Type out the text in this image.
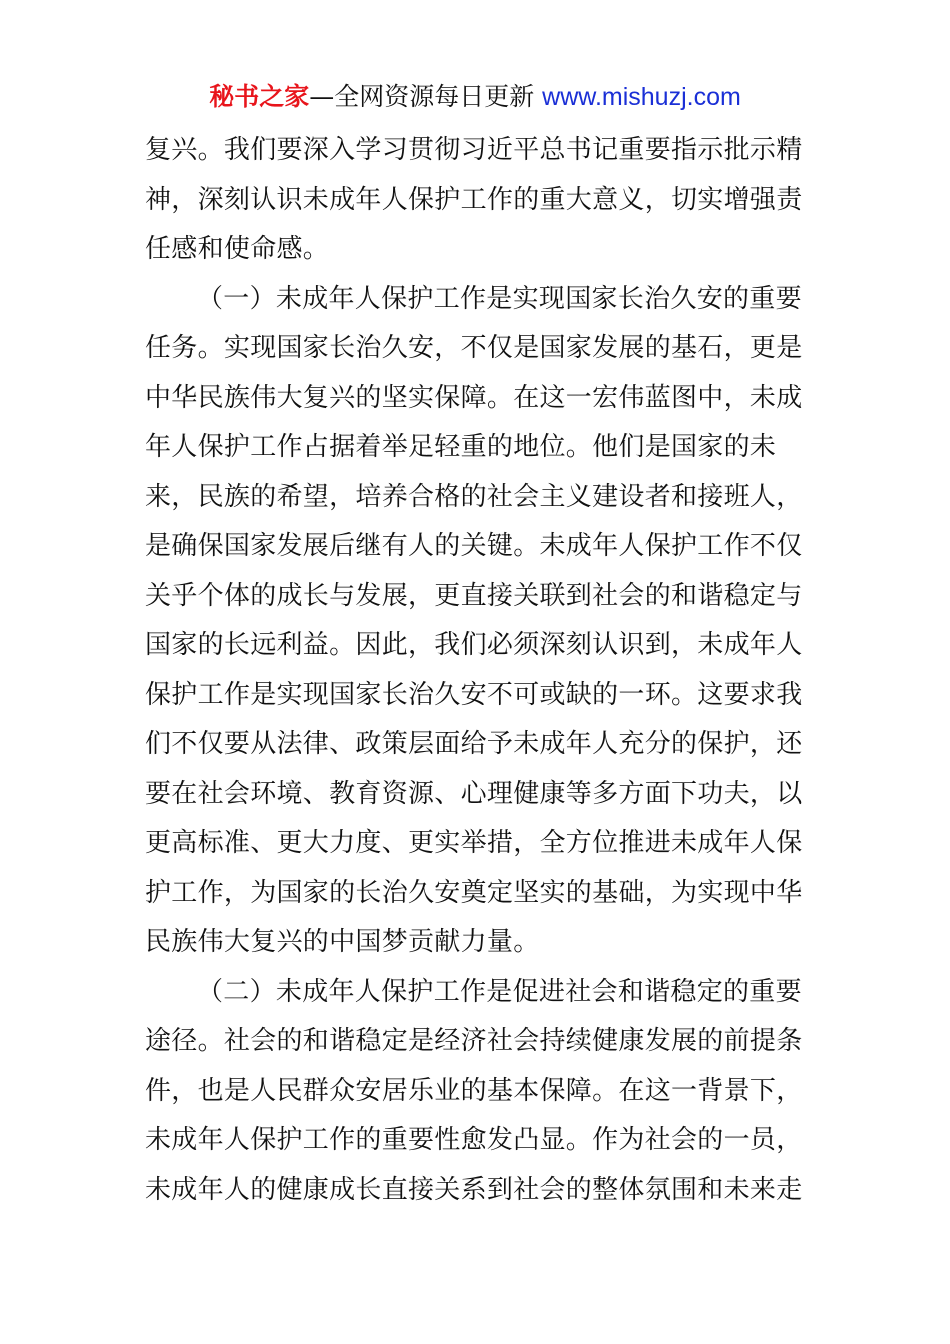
秘书之家—全网资源每日更新 www.mishuzj.com
复兴。我们要深入学习贯彻习近平总书记重要指示批示精
神，深刻认识未成年人保护工作的重大意义，切实增强责
任感和使命感。
（一）未成年人保护工作是实现国家长治久安的重要
任务。实现国家长治久安，不仅是国家发展的基石，更是
中华民族伟大复兴的坚实保障。在这一宏伟蓝图中，未成
年人保护工作占据着举足轻重的地位。他们是国家的未
来，民族的希望，培养合格的社会主义建设者和接班人，
是确保国家发展后继有人的关键。未成年人保护工作不仅
关乎个体的成长与发展，更直接关联到社会的和谐稳定与
国家的长远利益。因此，我们必须深刻认识到，未成年人
保护工作是实现国家长治久安不可或缺的一环。这要求我
们不仅要从法律、政策层面给予未成年人充分的保护，还
要在社会环境、教育资源、心理健康等多方面下功夫，以
更高标准、更大力度、更实举措，全方位推进未成年人保
护工作，为国家的长治久安奠定坚实的基础，为实现中华
民族伟大复兴的中国梦贡献力量。
（二）未成年人保护工作是促进社会和谐稳定的重要
途径。社会的和谐稳定是经济社会持续健康发展的前提条
件，也是人民群众安居乐业的基本保障。在这一背景下，
未成年人保护工作的重要性愈发凸显。作为社会的一员，
未成年人的健康成长直接关系到社会的整体氛围和未来走
